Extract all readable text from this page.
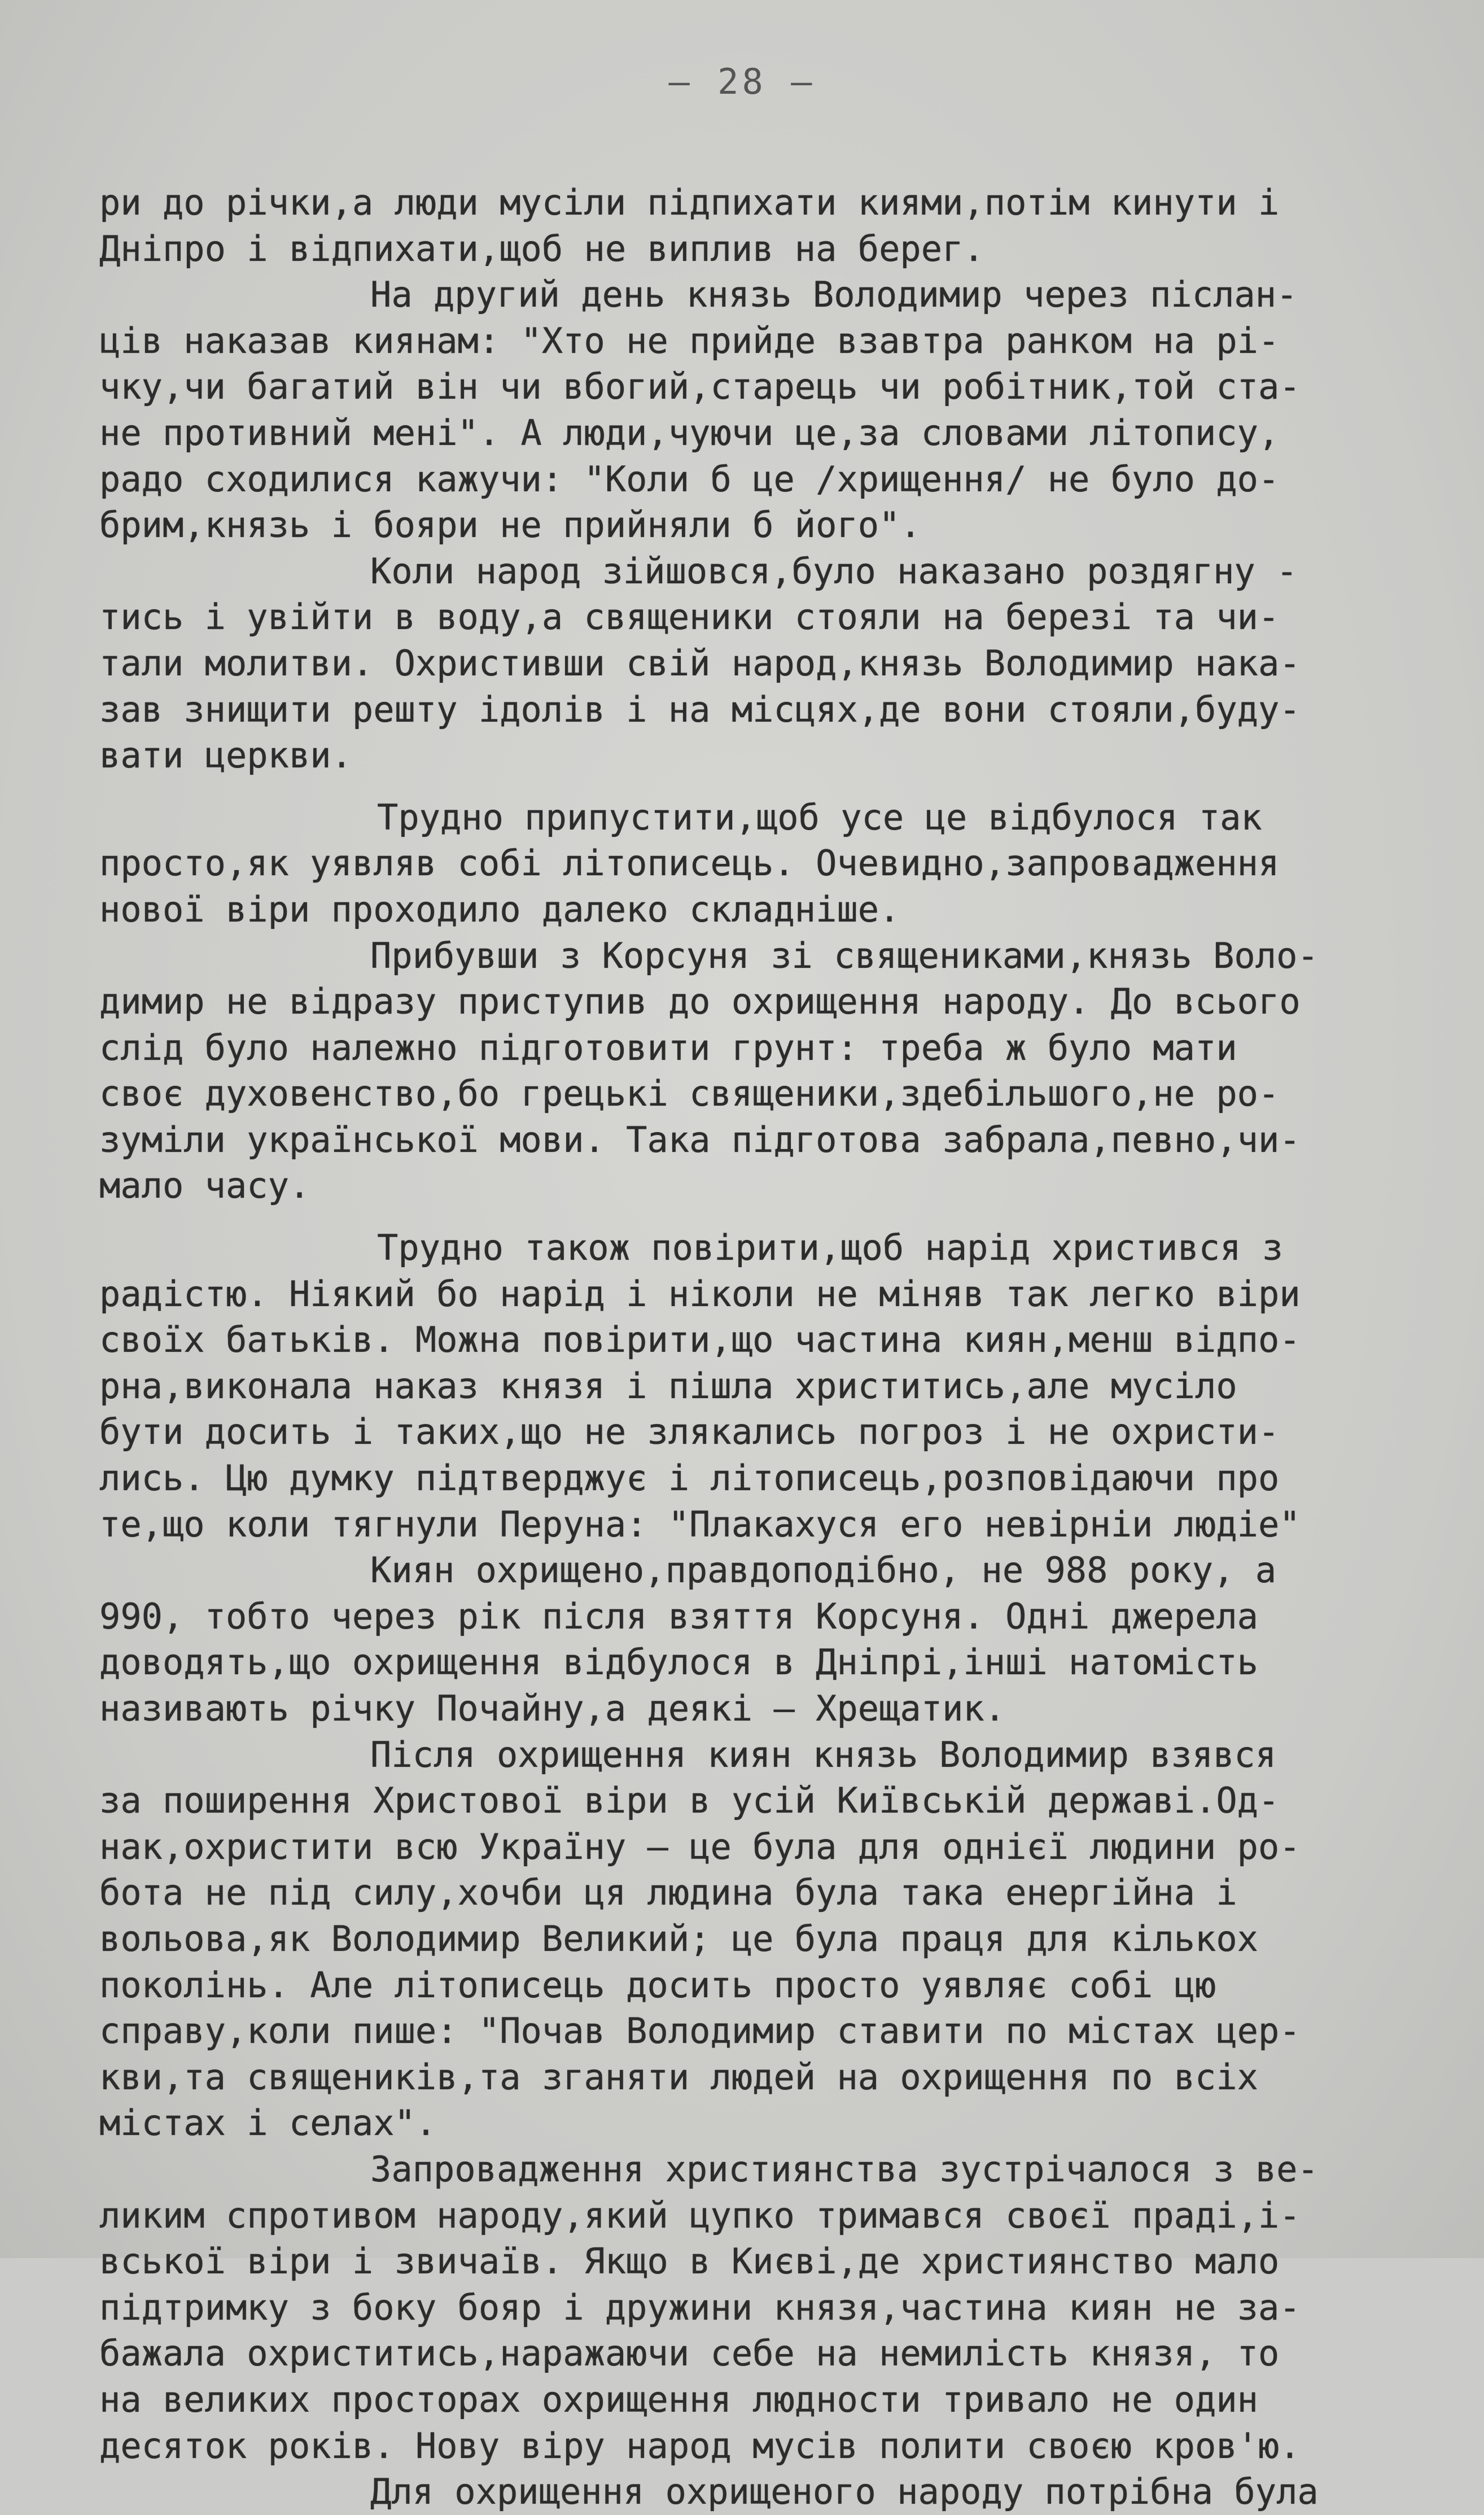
– 28 –
ри до річки,а люди мусіли підпихати киями,потім кинути і
Дніпро і відпихати,щоб не виплив на берег.
На другий день князь Володимир через післан-
ців наказав киянам: "Хто не прийде взавтра ранком на рі-
чку,чи багатий він чи вбогий,старець чи робітник,той ста-
не противний мені". А люди,чуючи це,за словами літопису,
радо сходилися кажучи: "Коли б це /хрищення/ не було до-
брим,князь і бояри не прийняли б його".
Коли народ зійшовся,було наказано роздягну -
тись і увійти в воду,а священики стояли на березі та чи-
тали молитви. Охристивши свій народ,князь Володимир нака-
зав знищити решту ідолів і на місцях,де вони стояли,буду-
вати церкви.
Трудно припустити,щоб усе це відбулося так
просто,як уявляв собі літописець. Очевидно,запровадження
нової віри проходило далеко складніше.
Прибувши з Корсуня зі священиками,князь Воло-
димир не відразу приступив до охрищення народу. До всього
слід було належно підготовити грунт: треба ж було мати
своє духовенство,бо грецькі священики,здебільшого,не ро-
зуміли української мови. Така підготова забрала,певно,чи-
мало часу.
Трудно також повірити,щоб нарід христився з
радістю. Ніякий бо нарід і ніколи не міняв так легко віри
своїх батьків. Можна повірити,що частина киян,менш відпо-
рна,виконала наказ князя і пішла христитись,але мусіло
бути досить і таких,що не злякались погроз і не охристи-
лись. Цю думку підтверджує і літописець,розповідаючи про
те,що коли тягнули Перуна: "Плакахуся его невірніи людіе"
Киян охрищено,правдоподібно, не 988 року, а
990, тобто через рік після взяття Корсуня. Одні джерела
доводять,що охрищення відбулося в Дніпрі,інші натомість
називають річку Почайну,а деякі – Хрещатик.
Після охрищення киян князь Володимир взявся
за поширення Христової віри в усій Київській державі.Од-
нак,охристити всю Україну – це була для однієї людини ро-
бота не під силу,хочби ця людина була така енергійна і
вольова,як Володимир Великий; це була праця для кількох
поколінь. Але літописець досить просто уявляє собі цю
справу,коли пише: "Почав Володимир ставити по містах цер-
кви,та священиків,та зганяти людей на охрищення по всіх
містах і селах".
Запровадження християнства зустрічалося з ве-
ликим спротивом народу,який цупко тримався своєї праді,і-
вської віри і звичаїв. Якщо в Києві,де християнство мало
підтримку з боку бояр і дружини князя,частина киян не за-
бажала охриститись,наражаючи себе на немилість князя, то
на великих просторах охрищення людности тривало не один
десяток років. Нову віру народ мусів полити своєю кров'ю.
Для охрищення охрищеного народу потрібна була
